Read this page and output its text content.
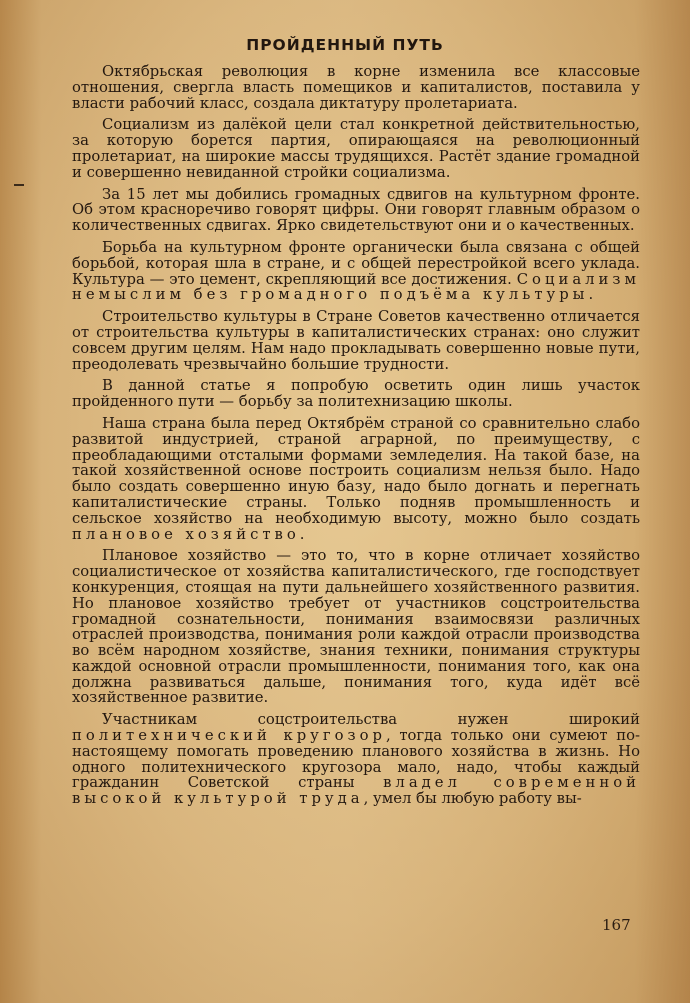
ПРОЙДЕННЫЙ ПУТЬ

Октябрьская революция в корне изменила все классовые отношения, свергла власть помещиков и капиталистов, поставила у власти рабочий класс, создала диктатуру пролетариата.

Социализм из далёкой цели стал конкретной действительностью, за которую борется партия, опирающаяся на революционный пролетариат, на широкие массы трудящихся. Растёт здание громадной и совершенно невиданной стройки социализма.

За 15 лет мы добились громадных сдвигов на культурном фронте. Об этом красноречиво говорят цифры. Они говорят главным образом о количественных сдвигах. Ярко свидетельствуют они и о качественных.

Борьба на культурном фронте органически была связана с общей борьбой, которая шла в стране, и с общей перестройкой всего уклада. Культура — это цемент, скрепляющий все достижения. Социализм немыслим без громадного подъёма культуры.

Строительство культуры в Стране Советов качественно отличается от строительства культуры в капиталистических странах: оно служит совсем другим целям. Нам надо прокладывать совершенно новые пути, преодолевать чрезвычайно большие трудности.

В данной статье я попробую осветить один лишь участок пройденного пути — борьбу за политехнизацию школы.

Наша страна была перед Октябрём страной со сравнительно слабо развитой индустрией, страной аграрной, по преимуществу, с преобладающими отсталыми формами земледелия. На такой базе, на такой хозяйственной основе построить социализм нельзя было. Надо было создать совершенно иную базу, надо было догнать и перегнать капиталистические страны. Только подняв промышленность и сельское хозяйство на необходимую высоту, можно было создать плановое хозяйство.

Плановое хозяйство — это то, что в корне отличает хозяйство социалистическое от хозяйства капиталистического, где господствует конкуренция, стоящая на пути дальнейшего хозяйственного развития. Но плановое хозяйство требует от участников соцстроительства громадной сознательности, понимания взаимосвязи различных отраслей производства, понимания роли каждой отрасли производства во всём народном хозяйстве, знания техники, понимания структуры каждой основной отрасли промышленности, понимания того, как она должна развиваться дальше, понимания того, куда идёт всё хозяйственное развитие.

Участникам соцстроительства нужен широкий политехнический кругозор, тогда только они сумеют по-настоящему помогать проведению планового хозяйства в жизнь. Но одного политехнического кругозора мало, надо, чтобы каждый гражданин Советской страны владел современной высокой культурой труда, умел бы любую работу вы-

167
